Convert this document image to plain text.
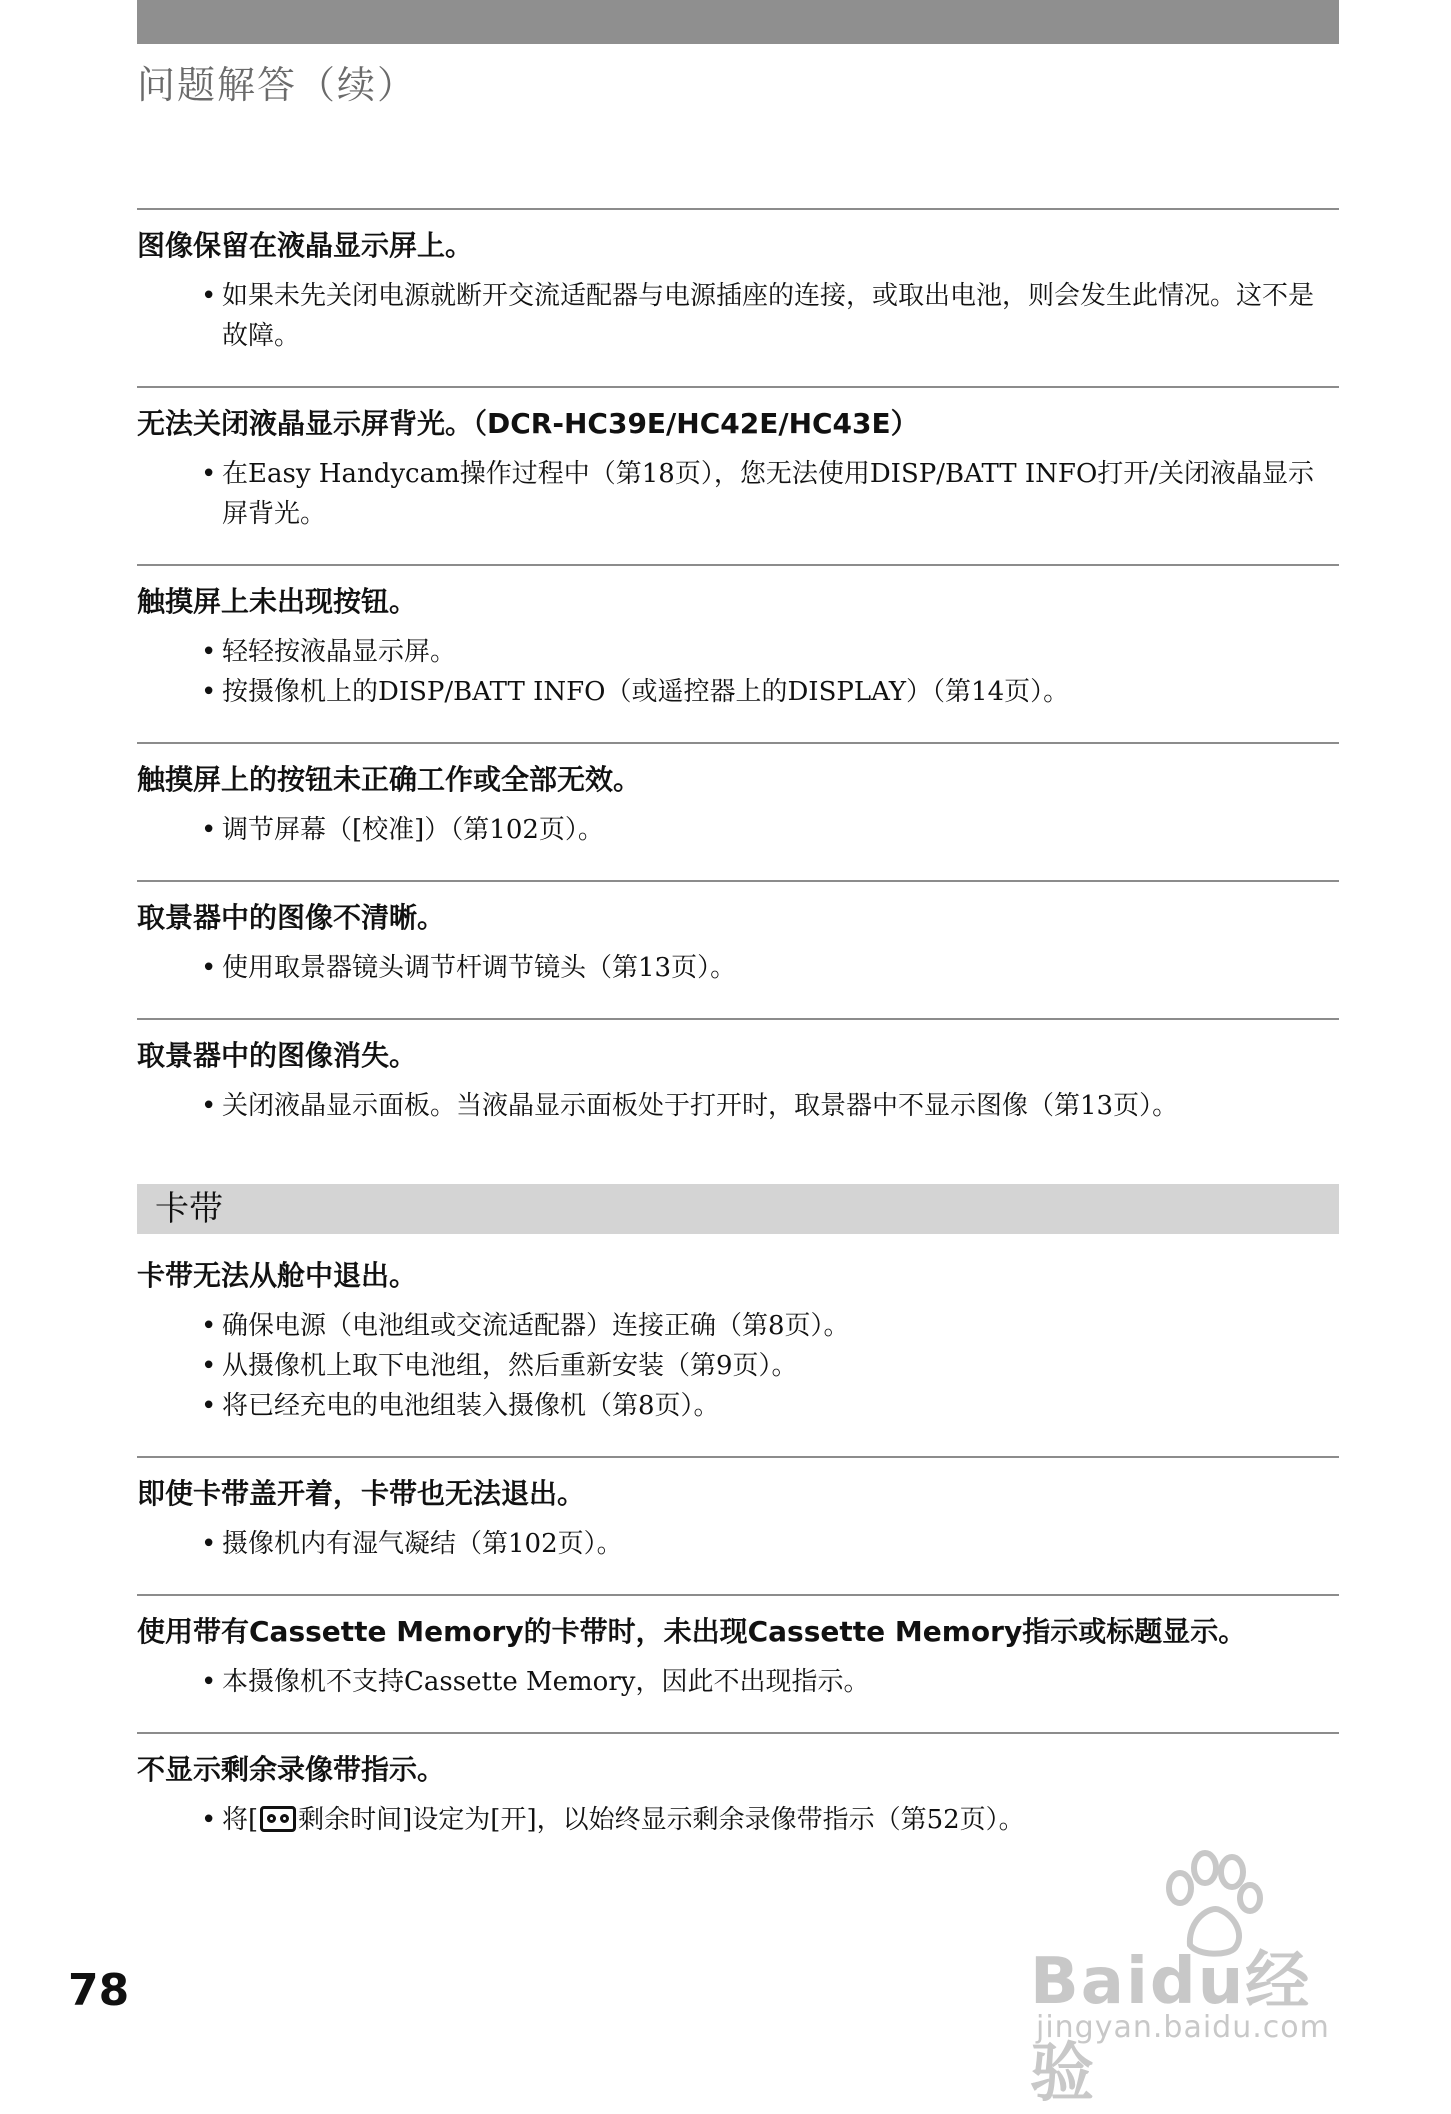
问题解答（续）
图像保留在液晶显示屏上。
• 如果未先关闭电源就断开交流适配器与电源插座的连接，或取出电池，则会发生此情况。这不是故障。
无法关闭液晶显示屏背光。（DCR-HC39E/HC42E/HC43E）
• 在Easy Handycam操作过程中（第18页），您无法使用DISP/BATT INFO打开/关闭液晶显示屏背光。
触摸屏上未出现按钮。
• 轻轻按液晶显示屏。
• 按摄像机上的DISP/BATT INFO（或遥控器上的DISPLAY）（第14页）。
触摸屏上的按钮未正确工作或全部无效。
• 调节屏幕（[校准]）（第102页）。
取景器中的图像不清晰。
• 使用取景器镜头调节杆调节镜头（第13页）。
取景器中的图像消失。
• 关闭液晶显示面板。当液晶显示面板处于打开时，取景器中不显示图像（第13页）。
卡带
卡带无法从舱中退出。
• 确保电源（电池组或交流适配器）连接正确（第8页）。
• 从摄像机上取下电池组，然后重新安装（第9页）。
• 将已经充电的电池组装入摄像机（第8页）。
即使卡带盖开着，卡带也无法退出。
• 摄像机内有湿气凝结（第102页）。
使用带有Cassette Memory的卡带时，未出现Cassette Memory指示或标题显示。
• 本摄像机不支持Cassette Memory，因此不出现指示。
不显示剩余录像带指示。
• 将[ 剩余时间]设定为[开]，以始终显示剩余录像带指示（第52页）。
78	Baidu经验
jingyan.baidu.com
